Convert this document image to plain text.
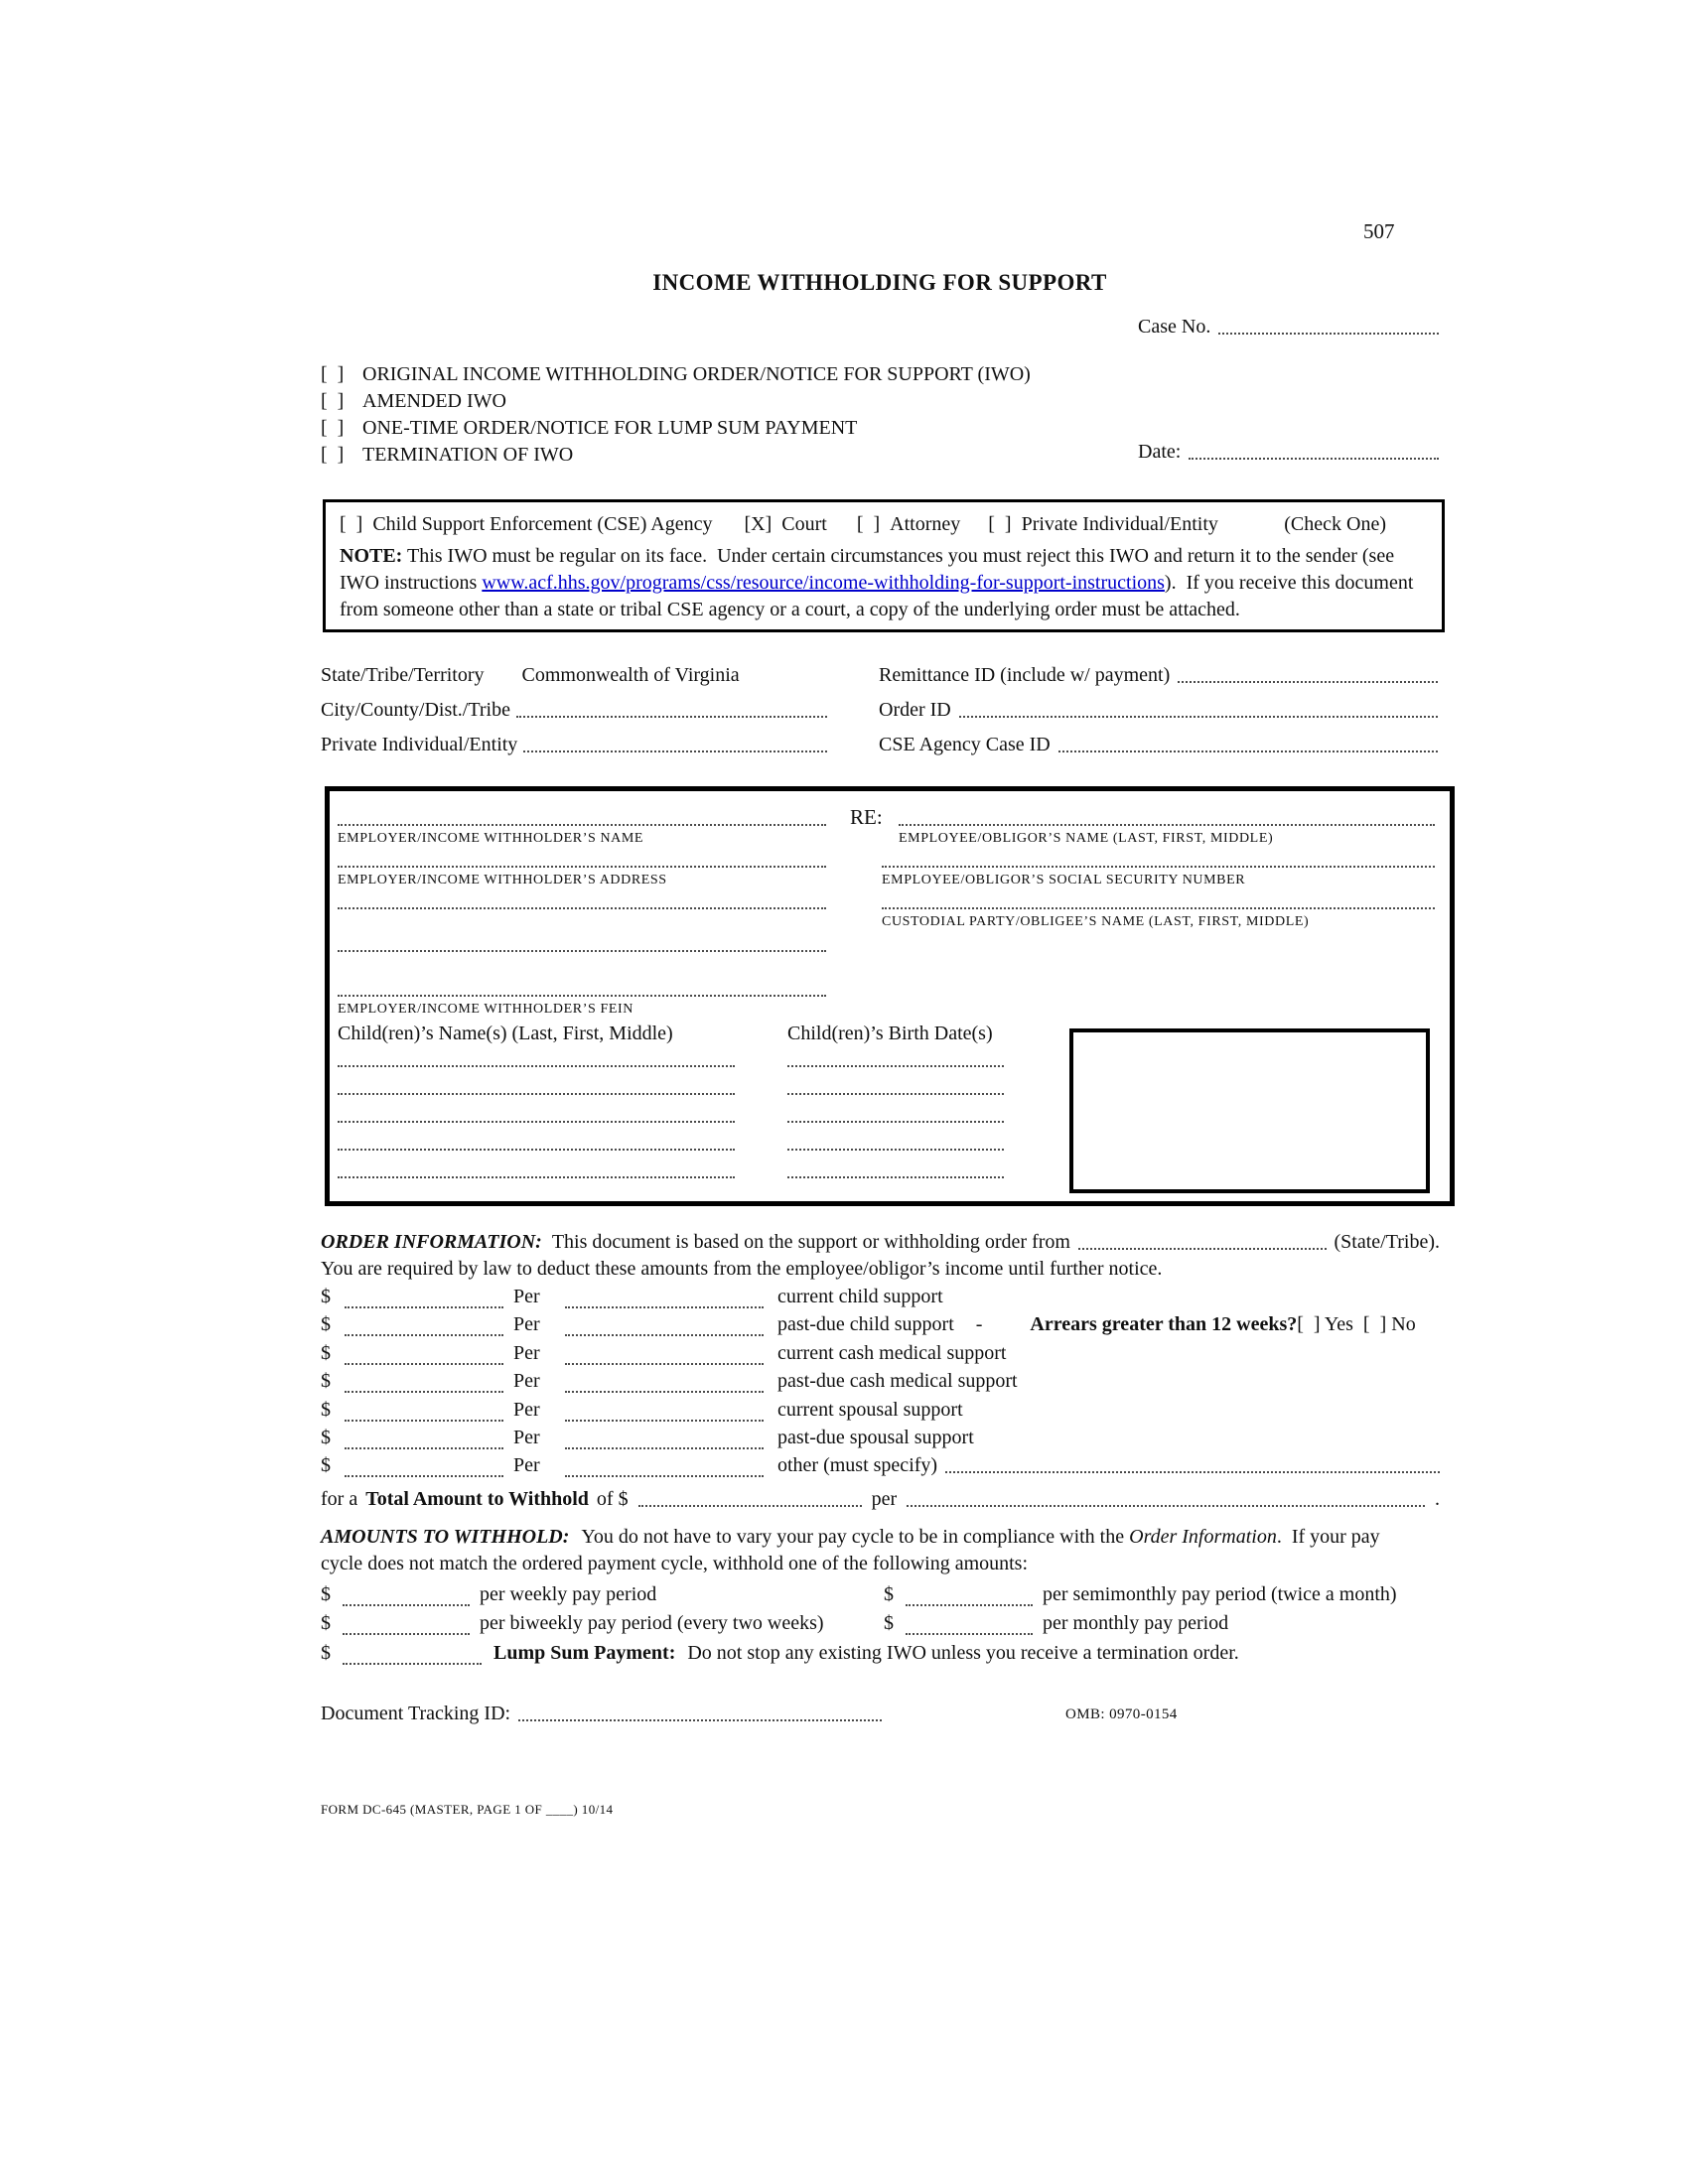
507
INCOME WITHHOLDING FOR SUPPORT
Case No.
[  ] ORIGINAL INCOME WITHHOLDING ORDER/NOTICE FOR SUPPORT (IWO)
[  ] AMENDED IWO
[  ] ONE-TIME ORDER/NOTICE FOR LUMP SUM PAYMENT
[  ] TERMINATION OF IWO	Date:
[  ] Child Support Enforcement (CSE) Agency [X] Court [  ] Attorney [  ] Private Individual/Entity	(Check One)
NOTE: This IWO must be regular on its face.  Under certain circumstances you must reject this IWO and return it to the sender (see IWO instructions www.acf.hhs.gov/programs/css/resource/income-withholding-for-support-instructions).  If you receive this document from someone other than a state or tribal CSE agency or a court, a copy of the underlying order must be attached.
State/Tribe/Territory Commonwealth of Virginia
City/County/Dist./Tribe
Private Individual/Entity
Remittance ID (include w/ payment)
Order ID
CSE Agency Case ID
EMPLOYER/INCOME WITHHOLDER’S NAME
EMPLOYER/INCOME WITHHOLDER’S ADDRESS
EMPLOYER/INCOME WITHHOLDER’S FEIN
RE:
EMPLOYEE/OBLIGOR’S NAME (LAST, FIRST, MIDDLE)
EMPLOYEE/OBLIGOR’S SOCIAL SECURITY NUMBER
CUSTODIAL PARTY/OBLIGEE’S NAME (LAST, FIRST, MIDDLE)
Child(ren)’s Name(s) (Last, First, Middle)	Child(ren)’s Birth Date(s)
ORDER INFORMATION: This document is based on the support or withholding order from	(State/Tribe).
You are required by law to deduct these amounts from the employee/obligor’s income until further notice.
$	Per	current child support
$	Per	past-due child support - Arrears greater than 12 weeks? [  ] Yes  [  ] No
$	Per	current cash medical support
$	Per	past-due cash medical support
$	Per	current spousal support
$	Per	past-due spousal support
$	Per	other (must specify)
for a Total Amount to Withhold of $	per	.
AMOUNTS TO WITHHOLD: You do not have to vary your pay cycle to be in compliance with the Order Information .  If your pay
cycle does not match the ordered payment cycle, withhold one of the following amounts:
$	per weekly pay period	$	per semimonthly pay period (twice a month)
$	per biweekly pay period (every two weeks)	$	per monthly pay period
$	Lump Sum Payment: Do not stop any existing IWO unless you receive a termination order.
Document Tracking ID:	OMB: 0970-0154
FORM DC-645 (MASTER, PAGE 1 OF ____) 10/14
